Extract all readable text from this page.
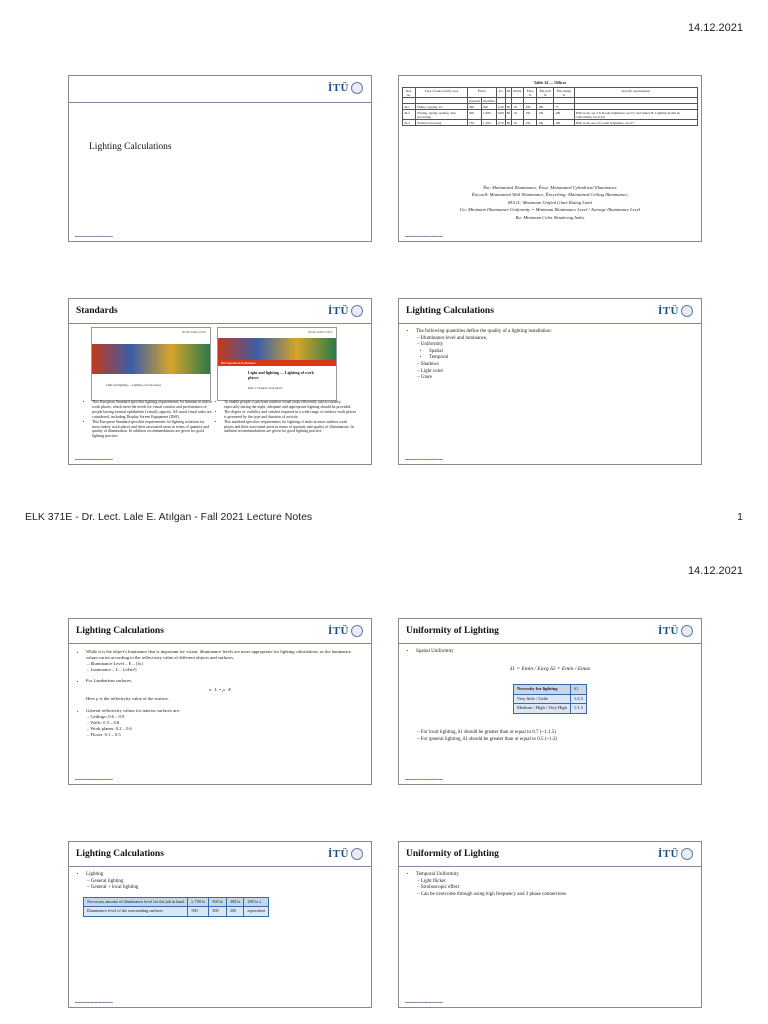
14.12.2021
İTÜ
Lighting Calculations
▬▬▬▬▬▬▬▬▬▬
Table 34 — Offices
Ref. no.	Type of task/activity area	Ēm lx		Uo	Ra	RUGL	Ēm,z lx	Ēm,wall lx	Ēm,ceiling lx	Specific requirements
		required	modified							
34.1	Filing, copying, etc.	300	500	0,40	80	19	100	100	75	
34.2	Writing, typing, reading, data processing	500	1 000	0,60	80	19	150	150	100	DSE-work, see 5.9. Room brightness, see 6.7 and Annex B. Lighting should be controllable, see 6.2.6.
34.3	Technical drawing	750	1 500	0,70	80	16	150	150	100	DSE-work, see 5.9. room brightness, see 6.7
Ēm: Maintained Illuminance, Ēm,z: Maintained Cylindrical Illuminance
Ēm,wall: Maintained Wall Illuminance, Ēm,ceiling: Maintained Ceiling Illuminance,
RUGL: Maximum Unified Glare Rating Limit
Uo: Minimum Illuminance Uniformity = Minimum Illuminance Level / Average Illuminance Level
Ra: Minimum Color Rendering Index
▬▬▬▬▬▬▬▬▬▬
Standards	İTÜ
BS EN 12464-1:2011
Light and lighting — Lighting of work places
BS EN 12464-2:2014
BSI Standards Publication
Light and lighting — Lighting of work places
Part 2: Outdoor work places
• This European Standard specifies lighting requirements for humans in indoor work places, which meet the needs for visual comfort and performance of people having normal ophthalmic (visual) capacity. All usual visual tasks are considered, including Display Screen Equipment (DSE).
• This European Standard specifies requirements for lighting solutions for most indoor work places and their associated areas in terms of quantity and quality of illumination. In addition recommendations are given for good lighting practice.
• To enable people to perform outdoor visual tasks efficiently and accurately, especially during the night, adequate and appropriate lighting should be provided.
• The degree of visibility and comfort required in a wide range of outdoor work places is governed by the type and duration of activity.
• This standard specifies requirements for lighting of tasks in most outdoor work places and their associated areas in terms of quantity and quality of illumination. In addition recommendations are given for good lighting practice.
▬▬▬▬▬▬▬▬▬▬
Lighting Calculations	İTÜ
• The following quantities define the quality of a lighting installation:
– Illuminance level and luminance,
– Uniformity
• Spatial
• Temporal
– Shadows
– Light color
– Glare
▬▬▬▬▬▬▬▬▬▬
ELK 371E - Dr. Lect. Lale E. Atılgan - Fall 2021 Lecture Notes	1
14.12.2021
Lighting Calculations	İTÜ
• While it is the object's luminance that is important for vision, illuminance levels are more appropriate for lighting calculations, as the luminance values varies according to the reflectivity value of different objects and surfaces.
– Illuminance Level – E – [lx]
– Luminance – L – [cd/m²]
• For Lambertian surfaces,
π · L = ρ · E
Here ρ is the reflectivity value of the surface.
• General reflectivity values for interior surfaces are:
– Ceilings: 0.6 – 0.9
– Walls: 0.3 – 0.8
– Work planes: 0.2 – 0.6
– Floors: 0.1 – 0.5
▬▬▬▬▬▬▬▬▬▬
Uniformity of Lighting	İTÜ
• Spatial Uniformity
δ1 = Emin / Eavg δ2 = Emin / Emax
Necessity for lighting	δ1
Very little / Little	1:2.5
Medium / High / Very High	1:1.5
– For local lighting, δ1 should be greater than or equal to 0.7 (~1:1.5)
– For general lighting, δ1 should be greater than or equal to 0.5 (~1:2)
▬▬▬▬▬▬▬▬▬▬
Lighting Calculations	İTÜ
• Lighting
– General lighting
– General + local lighting
Necessary amount of illuminance level for the job in hand	≥ 750 lx	500 lx	300 lx	200 lx ≤
Illuminance level of the surrounding surfaces	500	300	200	equivalent
▬▬▬▬▬▬▬▬▬▬
Uniformity of Lighting	İTÜ
• Temporal Uniformity
– Light flicker
– Stroboscopic effect
– Can be overcome through using high frequency and 3 phase connections
▬▬▬▬▬▬▬▬▬▬
